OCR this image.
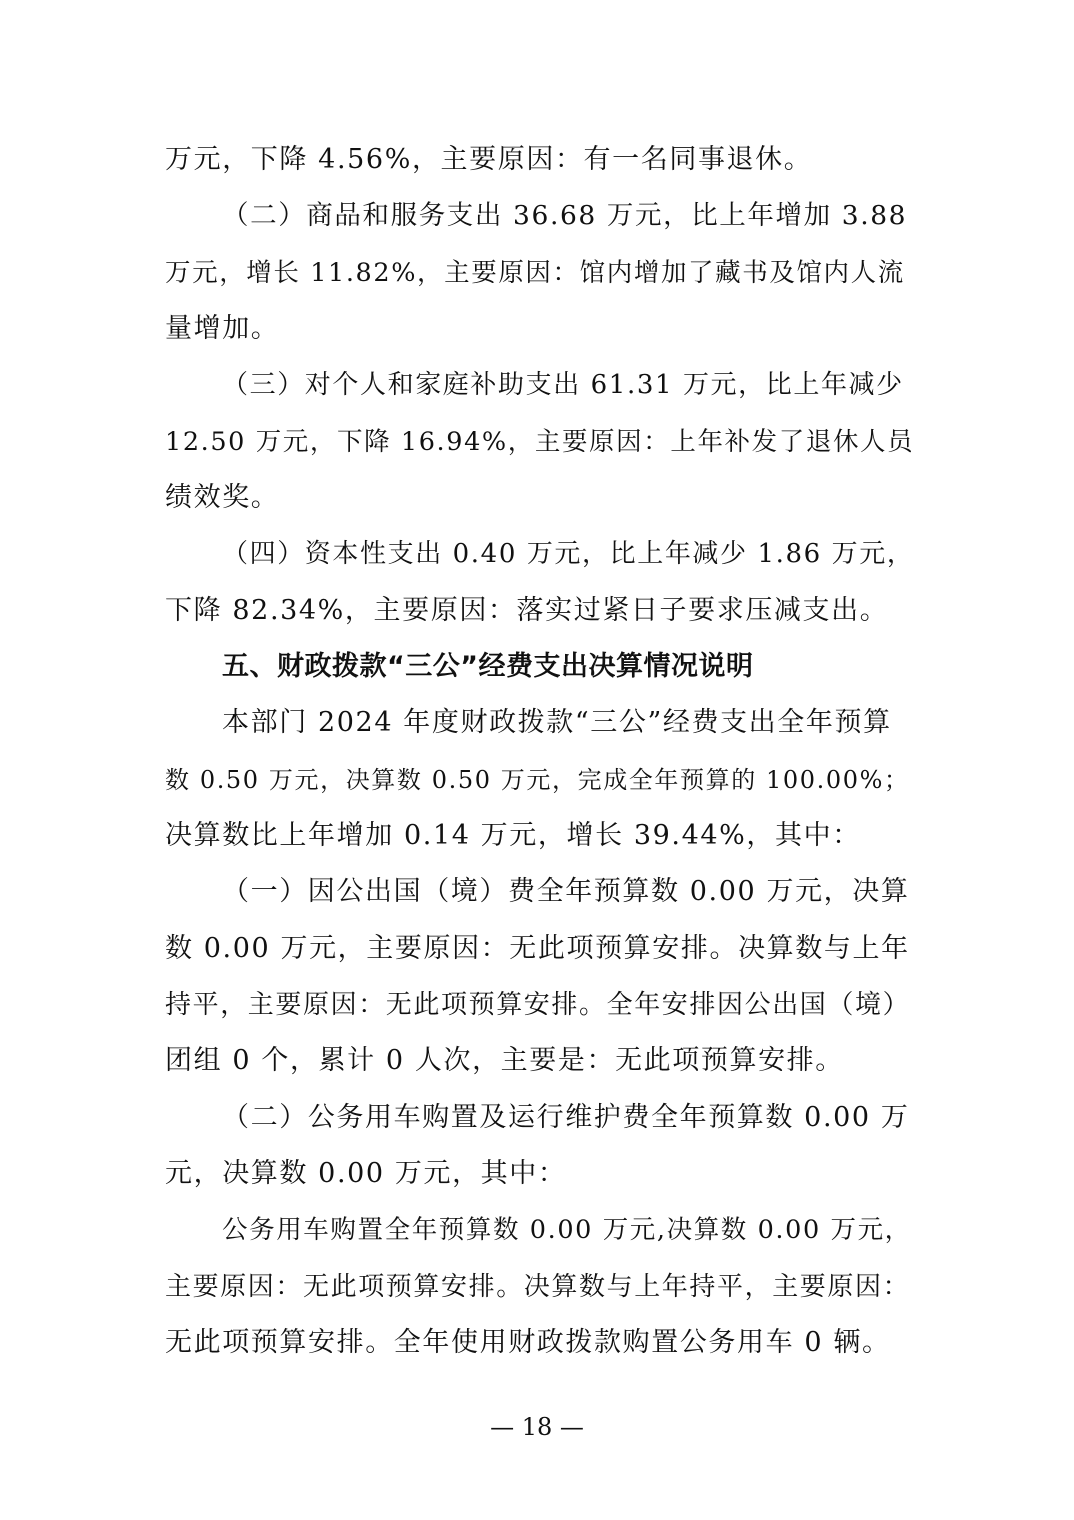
万元，下降 4.56%，主要原因：有一名同事退休。
（二）商品和服务支出 36.68 万元，比上年增加 3.88
万元，增长 11.82%，主要原因：馆内增加了藏书及馆内人流
量增加。
（三）对个人和家庭补助支出 61.31 万元，比上年减少
12.50 万元，下降 16.94%，主要原因：上年补发了退休人员
绩效奖。
（四）资本性支出 0.40 万元，比上年减少 1.86 万元，
下降 82.34%，主要原因：落实过紧日子要求压减支出。
五、财政拨款“三公”经费支出决算情况说明
本部门 2024 年度财政拨款“三公”经费支出全年预算
数 0.50 万元，决算数 0.50 万元，完成全年预算的 100.00%；
决算数比上年增加 0.14 万元，增长 39.44%，其中：
（一）因公出国（境）费全年预算数 0.00 万元，决算
数 0.00 万元，主要原因：无此项预算安排。决算数与上年
持平，主要原因：无此项预算安排。全年安排因公出国（境）
团组 0 个，累计 0 人次，主要是：无此项预算安排。
（二）公务用车购置及运行维护费全年预算数 0.00 万
元，决算数 0.00 万元，其中：
公务用车购置全年预算数 0.00 万元,决算数 0.00 万元，
主要原因：无此项预算安排。决算数与上年持平，主要原因：
无此项预算安排。全年使用财政拨款购置公务用车 0 辆。
— 18 —
